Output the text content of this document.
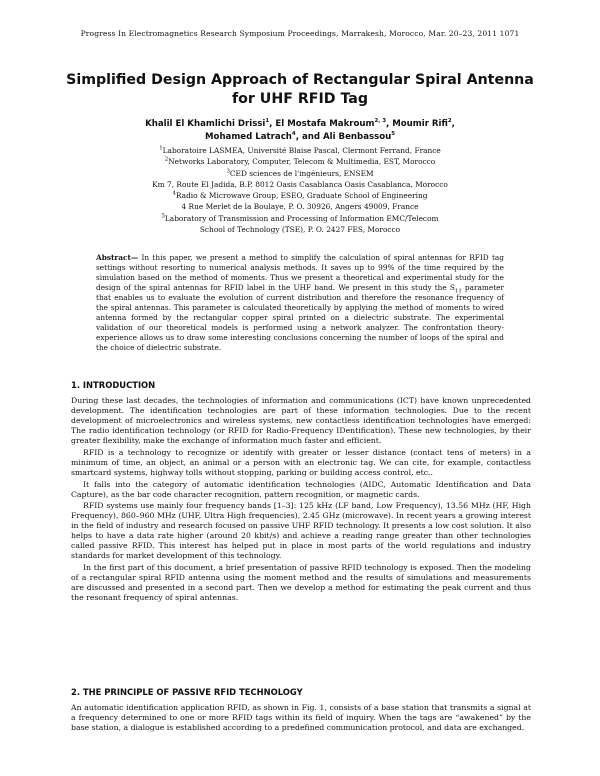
Progress In Electromagnetics Research Symposium Proceedings, Marrakesh, Morocco, Mar. 20–23, 2011 1071
Simplified Design Approach of Rectangular Spiral Antenna for UHF RFID Tag
Khalil El Khamlichi Drissi$^1$, El Mostafa Makroum$^{2, 3}$, Moumir Rifi$^2$,
Mohamed Latrach$^4$, and Ali Benbassou$^5$
$^1$Laboratoire LASMEA, Université Blaise Pascal, Clermont Ferrand, France
$^2$Networks Laboratory, Computer, Telecom & Multimedia, EST, Morocco
$^3$CED sciences de l'ingénieurs, ENSEM
Km 7, Route El Jadida, B.P. 8012 Oasis Casablanca Oasis Casablanca, Morocco
$^4$Radio & Microwave Group, ESEO, Graduate School of Engineering
4 Rue Merlet de la Boulaye, P. O. 30926, Angers 49009, France
$^5$Laboratory of Transmission and Processing of Information EMC/Telecom
School of Technology (TSE), P. O. 2427 FES, Morocco
Abstract— In this paper, we present a method to simplify the calculation of spiral antennas for RFID tag settings without resorting to numerical analysis methods. It saves up to 99% of the time required by the simulation based on the method of moments. Thus we present a theoretical and experimental study for the design of the spiral antennas for RFID label in the UHF band. We present in this study the $S_{11}$ parameter that enables us to evaluate the evolution of current distribution and therefore the resonance frequency of the spiral antennas. This parameter is calculated theoretically by applying the method of moments to wired antenna formed by the rectangular copper spiral printed on a dielectric substrate. The experimental validation of our theoretical models is performed using a network analyzer. The confrontation theory-experience allows us to draw some interesting conclusions concerning the number of loops of the spiral and the choice of dielectric substrate.
1. INTRODUCTION

During these last decades, the technologies of information and communications (ICT) have known unprecedented development. The identification technologies are part of these information technologies. Due to the recent development of microelectronics and wireless systems, new contactless identification technologies have emerged: The radio identification technology (or RFID for Radio-Frequency IDentification). These new technologies, by their greater flexibility, make the exchange of information much faster and efficient.

RFID is a technology to recognize or identify with greater or lesser distance (contact tens of meters) in a minimum of time, an object, an animal or a person with an electronic tag. We can cite, for example, contactless smartcard systems, highway tolls without stopping, parking or building access control, etc..

It falls into the category of automatic identification technologies (AIDC, Automatic Identification and Data Capture), as the bar code character recognition, pattern recognition, or magnetic cards.

RFID systems use mainly four frequency bands [1–3]: 125 kHz (LF band, Low Frequency), 13.56 MHz (HF, High Frequency), 860–960 MHz (UHF, Ultra High frequencies), 2.45 GHz (microwave). In recent years a growing interest in the field of industry and research focused on passive UHF RFID technology. It presents a low cost solution. It also helps to have a data rate higher (around 20 kbit/s) and achieve a reading range greater than other technologies called passive RFID. This interest has helped put in place in most parts of the world regulations and industry standards for market development of this technology.

In the first part of this document, a brief presentation of passive RFID technology is exposed. Then the modeling of a rectangular spiral RFID antenna using the moment method and the results of simulations and measurements are discussed and presented in a second part. Then we develop a method for estimating the peak current and thus the resonant frequency of spiral antennas.

2. THE PRINCIPLE OF PASSIVE RFID TECHNOLOGY

An automatic identification application RFID, as shown in Fig. 1, consists of a base station that transmits a signal at a frequency determined to one or more RFID tags within its field of inquiry. When the tags are “awakened” by the base station, a dialogue is established according to a predefined communication protocol, and data are exchanged.
